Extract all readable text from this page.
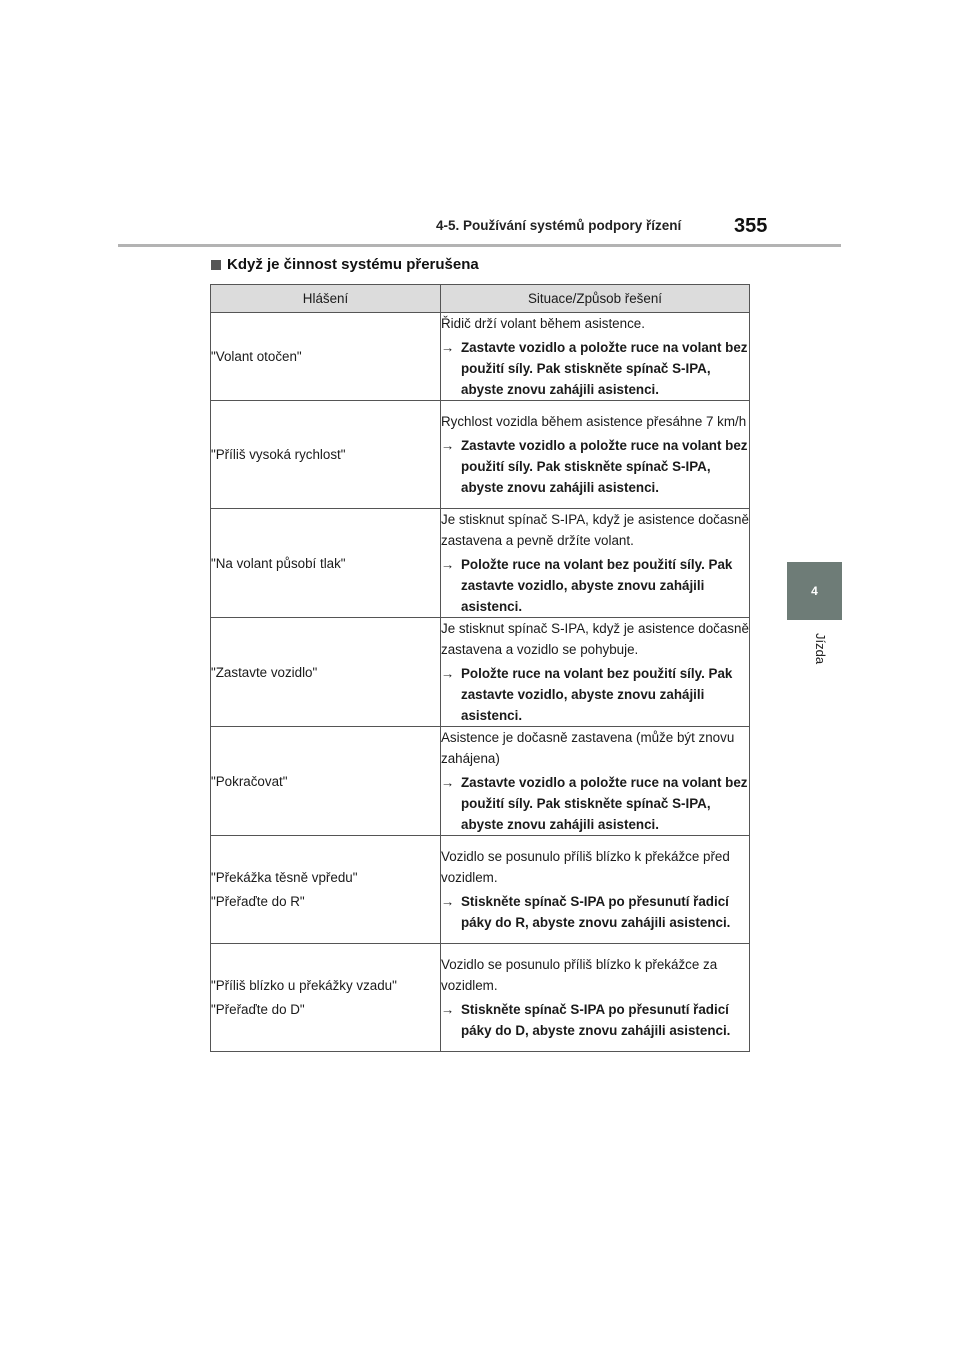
4-5. Používání systémů podpory řízení	355
4
Jízda
Když je činnost systému přerušena
Hlášení	Situace/Způsob řešení

"Volant otočen"	Řidič drží volant během asistence.
→ Zastavte vozidlo a položte ruce na volant bez použití síly. Pak stiskněte spínač S-IPA, abyste znovu zahájili asistenci.

"Příliš vysoká rychlost"	Rychlost vozidla během asistence přesáhne 7 km/h
→ Zastavte vozidlo a položte ruce na volant bez použití síly. Pak stiskněte spínač S-IPA, abyste znovu zahájili asistenci.

"Na volant působí tlak"	Je stisknut spínač S-IPA, když je asistence dočasně zastavena a pevně držíte volant.
→ Položte ruce na volant bez použití síly. Pak zastavte vozidlo, abyste znovu zahájili asistenci.

"Zastavte vozidlo"	Je stisknut spínač S-IPA, když je asistence dočasně zastavena a vozidlo se pohybuje.
→ Položte ruce na volant bez použití síly. Pak zastavte vozidlo, abyste znovu zahájili asistenci.

"Pokračovat"	Asistence je dočasně zastavena (může být znovu zahájena)
→ Zastavte vozidlo a položte ruce na volant bez použití síly. Pak stiskněte spínač S-IPA, abyste znovu zahájili asistenci.

"Překážka těsně vpředu"
"Přeřaďte do R"	Vozidlo se posunulo příliš blízko k překážce před vozidlem.
→ Stiskněte spínač S-IPA po přesunutí řadicí páky do R, abyste znovu zahájili asistenci.

"Příliš blízko u překážky vzadu"
"Přeřaďte do D"	Vozidlo se posunulo příliš blízko k překážce za vozidlem.
→ Stiskněte spínač S-IPA po přesunutí řadicí páky do D, abyste znovu zahájili asistenci.
